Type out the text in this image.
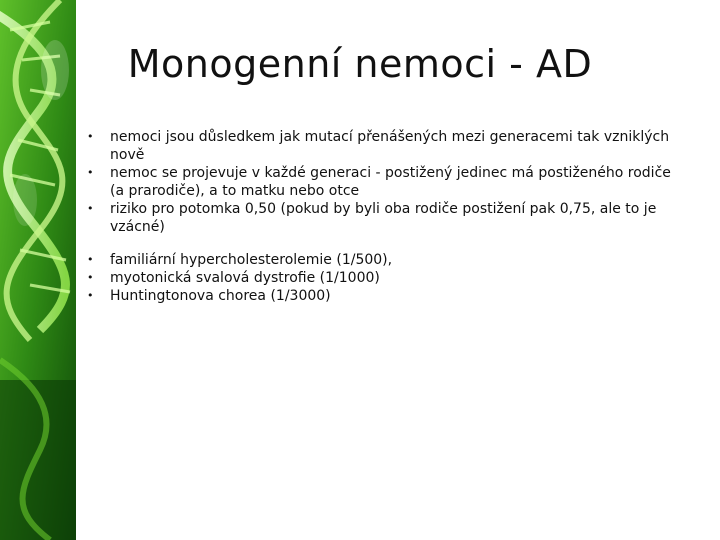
Monogenní nemoci - AD
• nemoci jsou důsledkem jak mutací přenášených mezi generacemi tak vzniklých nově
• nemoc se projevuje v každé generaci - postižený jedinec má postiženého rodiče (a prarodiče), a to matku nebo otce
• riziko pro potomka 0,50 (pokud by byli oba rodiče postižení pak 0,75, ale to je vzácné)
• familiární hypercholesterolemie (1/500),
• myotonická svalová dystrofie (1/1000)
• Huntingtonova chorea (1/3000)
